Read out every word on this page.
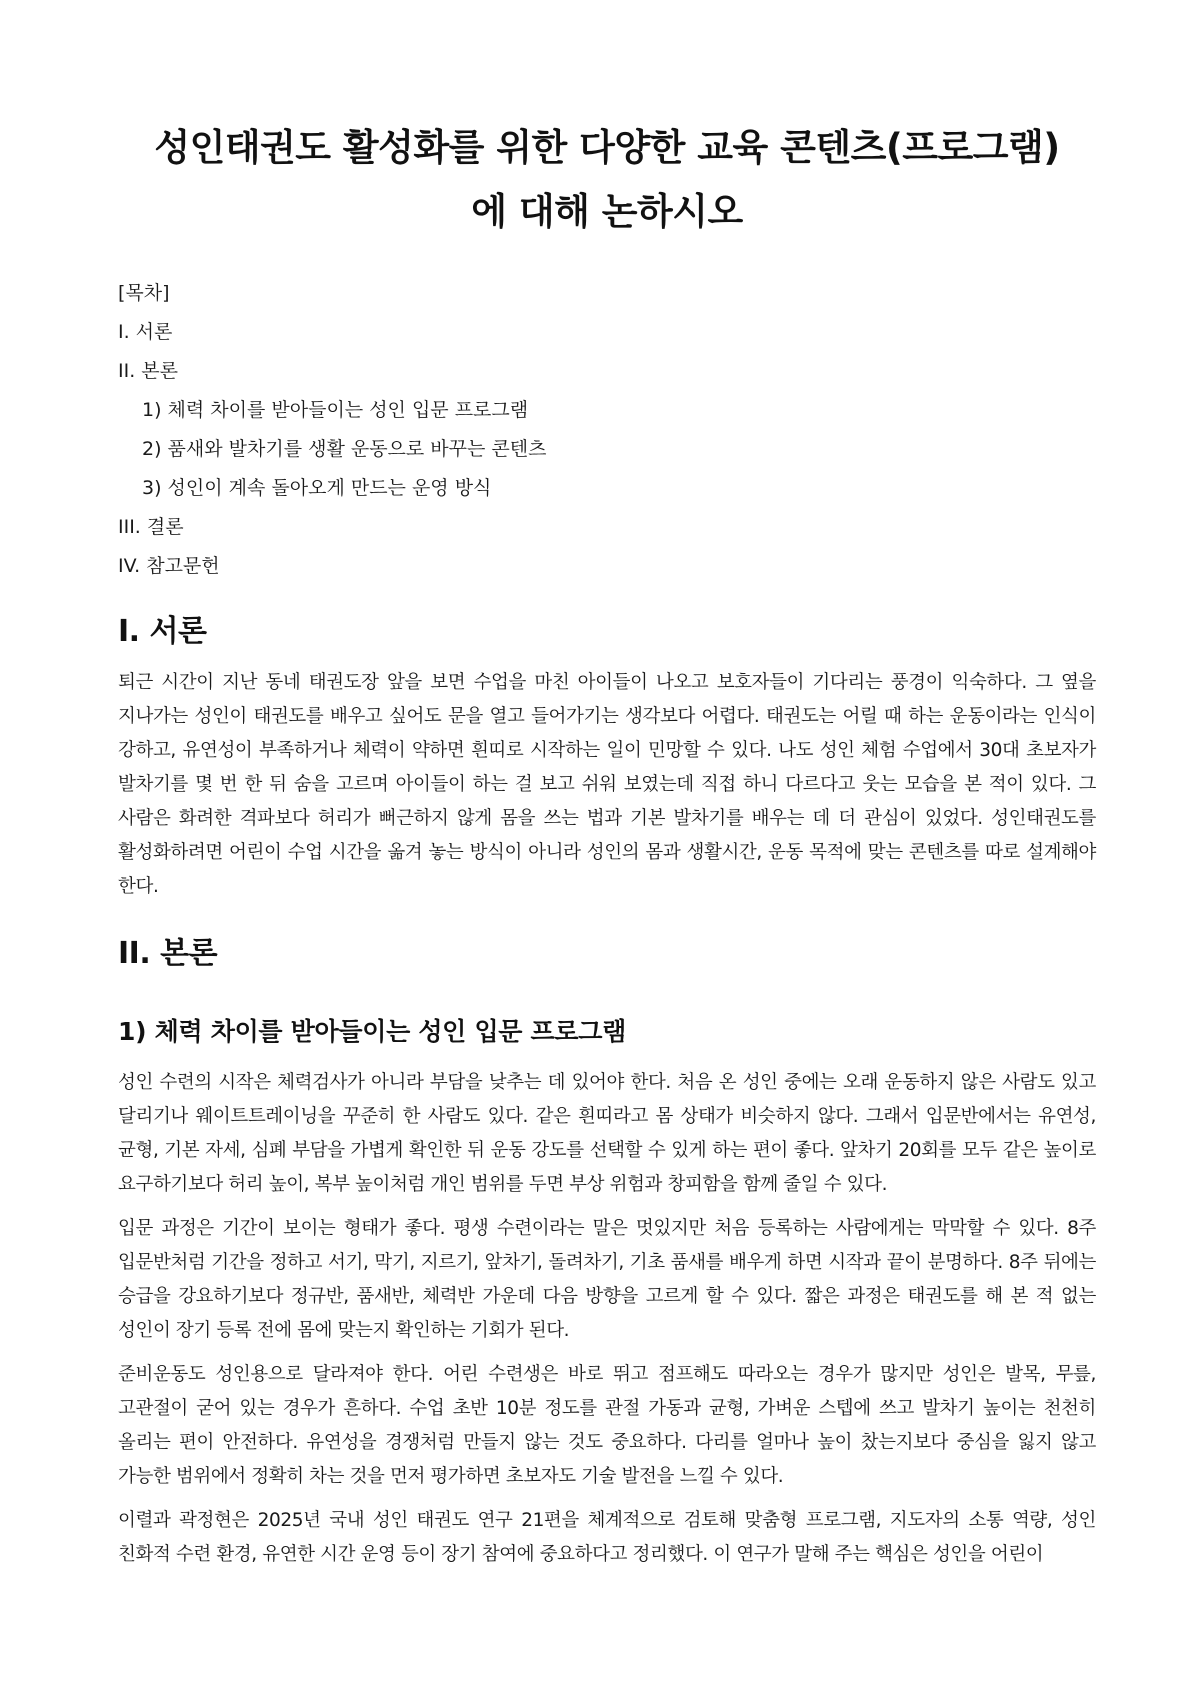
성인태권도 활성화를 위한 다양한 교육 콘텐츠(프로그램)에 대해 논하시오
[목차]
I. 서론
II. 본론
1) 체력 차이를 받아들이는 성인 입문 프로그램
2) 품새와 발차기를 생활 운동으로 바꾸는 콘텐츠
3) 성인이 계속 돌아오게 만드는 운영 방식
III. 결론
IV. 참고문헌
I. 서론

퇴근 시간이 지난 동네 태권도장 앞을 보면 수업을 마친 아이들이 나오고 보호자들이 기다리는 풍경이 익숙하다. 그 옆을 지나가는 성인이 태권도를 배우고 싶어도 문을 열고 들어가기는 생각보다 어렵다. 태권도는 어릴 때 하는 운동이라는 인식이 강하고, 유연성이 부족하거나 체력이 약하면 흰띠로 시작하는 일이 민망할 수 있다. 나도 성인 체험 수업에서 30대 초보자가 발차기를 몇 번 한 뒤 숨을 고르며 아이들이 하는 걸 보고 쉬워 보였는데 직접 하니 다르다고 웃는 모습을 본 적이 있다. 그 사람은 화려한 격파보다 허리가 뻐근하지 않게 몸을 쓰는 법과 기본 발차기를 배우는 데 더 관심이 있었다. 성인태권도를 활성화하려면 어린이 수업 시간을 옮겨 놓는 방식이 아니라 성인의 몸과 생활시간, 운동 목적에 맞는 콘텐츠를 따로 설계해야 한다.

II. 본론
1) 체력 차이를 받아들이는 성인 입문 프로그램

성인 수련의 시작은 체력검사가 아니라 부담을 낮추는 데 있어야 한다. 처음 온 성인 중에는 오래 운동하지 않은 사람도 있고 달리기나 웨이트트레이닝을 꾸준히 한 사람도 있다. 같은 흰띠라고 몸 상태가 비슷하지 않다. 그래서 입문반에서는 유연성, 균형, 기본 자세, 심폐 부담을 가볍게 확인한 뒤 운동 강도를 선택할 수 있게 하는 편이 좋다. 앞차기 20회를 모두 같은 높이로 요구하기보다 허리 높이, 복부 높이처럼 개인 범위를 두면 부상 위험과 창피함을 함께 줄일 수 있다.

입문 과정은 기간이 보이는 형태가 좋다. 평생 수련이라는 말은 멋있지만 처음 등록하는 사람에게는 막막할 수 있다. 8주 입문반처럼 기간을 정하고 서기, 막기, 지르기, 앞차기, 돌려차기, 기초 품새를 배우게 하면 시작과 끝이 분명하다. 8주 뒤에는 승급을 강요하기보다 정규반, 품새반, 체력반 가운데 다음 방향을 고르게 할 수 있다. 짧은 과정은 태권도를 해 본 적 없는 성인이 장기 등록 전에 몸에 맞는지 확인하는 기회가 된다.

준비운동도 성인용으로 달라져야 한다. 어린 수련생은 바로 뛰고 점프해도 따라오는 경우가 많지만 성인은 발목, 무릎, 고관절이 굳어 있는 경우가 흔하다. 수업 초반 10분 정도를 관절 가동과 균형, 가벼운 스텝에 쓰고 발차기 높이는 천천히 올리는 편이 안전하다. 유연성을 경쟁처럼 만들지 않는 것도 중요하다. 다리를 얼마나 높이 찼는지보다 중심을 잃지 않고 가능한 범위에서 정확히 차는 것을 먼저 평가하면 초보자도 기술 발전을 느낄 수 있다.

이렬과 곽정현은 2025년 국내 성인 태권도 연구 21편을 체계적으로 검토해 맞춤형 프로그램, 지도자의 소통 역량, 성인 친화적 수련 환경, 유연한 시간 운영 등이 장기 참여에 중요하다고 정리했다. 이 연구가 말해 주는 핵심은 성인을 어린이
